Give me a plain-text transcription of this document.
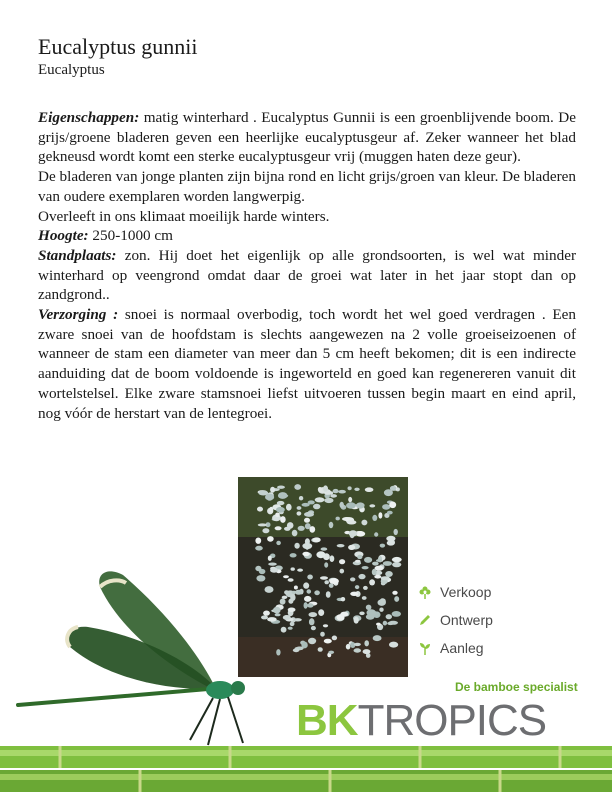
Eucalyptus gunnii
Eucalyptus

Eigenschappen: matig winterhard . Eucalyptus Gunnii is een groenblijvende boom. De grijs/groene bladeren geven een heerlijke eucalyptusgeur af. Zeker wanneer het blad gekneusd wordt komt een sterke eucalyptusgeur vrij (muggen haten deze geur).

De bladeren van jonge planten zijn bijna rond en licht grijs/groen van kleur. De bladeren van oudere exemplaren worden langwerpig.

Overleeft in ons klimaat moeilijk harde winters.

Hoogte: 250-1000 cm

Standplaats: zon. Hij doet het eigenlijk op alle grondsoorten, is wel wat minder winterhard op veengrond omdat daar de groei wat later in het jaar stopt dan op zandgrond..

Verzorging : snoei is normaal overbodig, toch wordt het wel goed verdragen . Een zware snoei van de hoofdstam is slechts aangewezen na 2 volle groeiseizoenen of wanneer de stam een diameter van meer dan 5 cm heeft bekomen; dit is een indirecte aanduiding dat de boom voldoende is ingeworteld en goed kan regenereren vanuit dit wortelstelsel. Elke zware stamsnoei liefst uitvoeren tussen begin maart en eind april, nog vóór de herstart van de lentegroei.

Verkoop
Ontwerp
Aanleg
De bamboe specialist
BKTROPICS
